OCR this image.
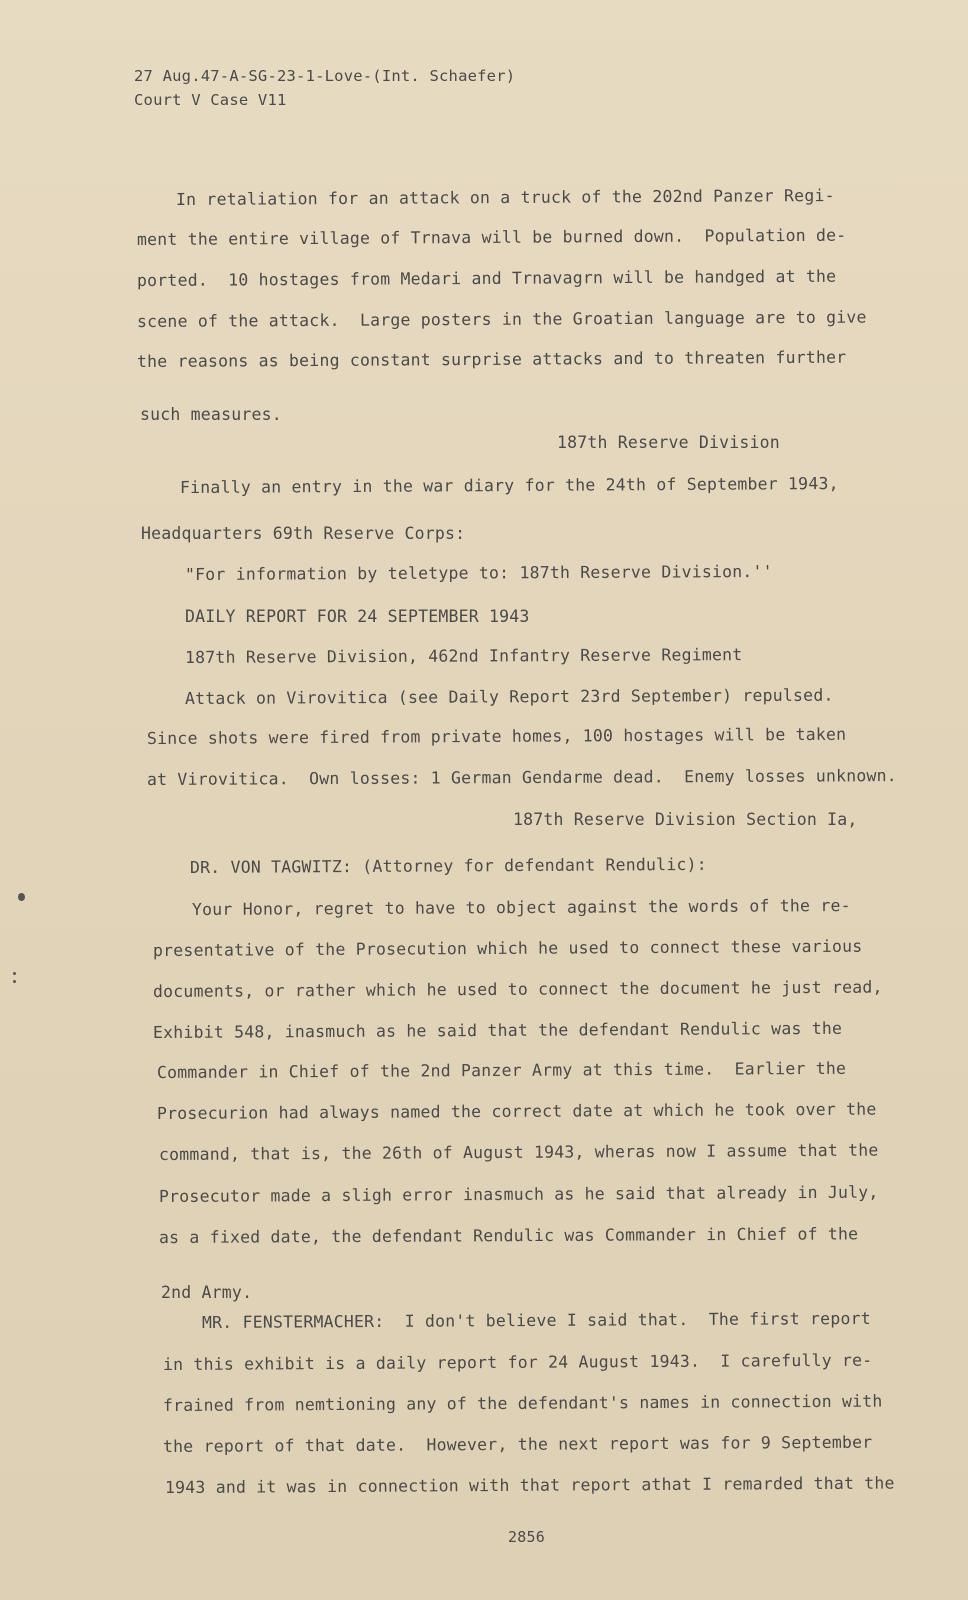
27 Aug.47-A-SG-23-1-Love-(Int. Schaefer)
Court V Case V11
In retaliation for an attack on a truck of the 202nd Panzer Regi-
ment the entire village of Trnava will be burned down.  Population de-
ported.  10 hostages from Medari and Trnavagrn will be handged at the
scene of the attack.  Large posters in the Groatian language are to give
the reasons as being constant surprise attacks and to threaten further
such measures.
187th Reserve Division
Finally an entry in the war diary for the 24th of September 1943,
Headquarters 69th Reserve Corps:
"For information by teletype to: 187th Reserve Division.''
DAILY REPORT FOR 24 SEPTEMBER 1943
187th Reserve Division, 462nd Infantry Reserve Regiment
Attack on Virovitica (see Daily Report 23rd September) repulsed.
Since shots were fired from private homes, 100 hostages will be taken
at Virovitica.  Own losses: 1 German Gendarme dead.  Enemy losses unknown.
187th Reserve Division Section Ia,
DR. VON TAGWITZ: (Attorney for defendant Rendulic):
Your Honor, regret to have to object against the words of the re-
presentative of the Prosecution which he used to connect these various
documents, or rather which he used to connect the document he just read,
Exhibit 548, inasmuch as he said that the defendant Rendulic was the
Commander in Chief of the 2nd Panzer Army at this time.  Earlier the
Prosecurion had always named the correct date at which he took over the
command, that is, the 26th of August 1943, wheras now I assume that the
Prosecutor made a sligh error inasmuch as he said that already in July,
as a fixed date, the defendant Rendulic was Commander in Chief of the
2nd Army.
MR. FENSTERMACHER:  I don't believe I said that.  The first report
in this exhibit is a daily report for 24 August 1943.  I carefully re-
frained from nemtioning any of the defendant's names in connection with
the report of that date.  However, the next report was for 9 September
1943 and it was in connection with that report athat I remarded that the
2856
